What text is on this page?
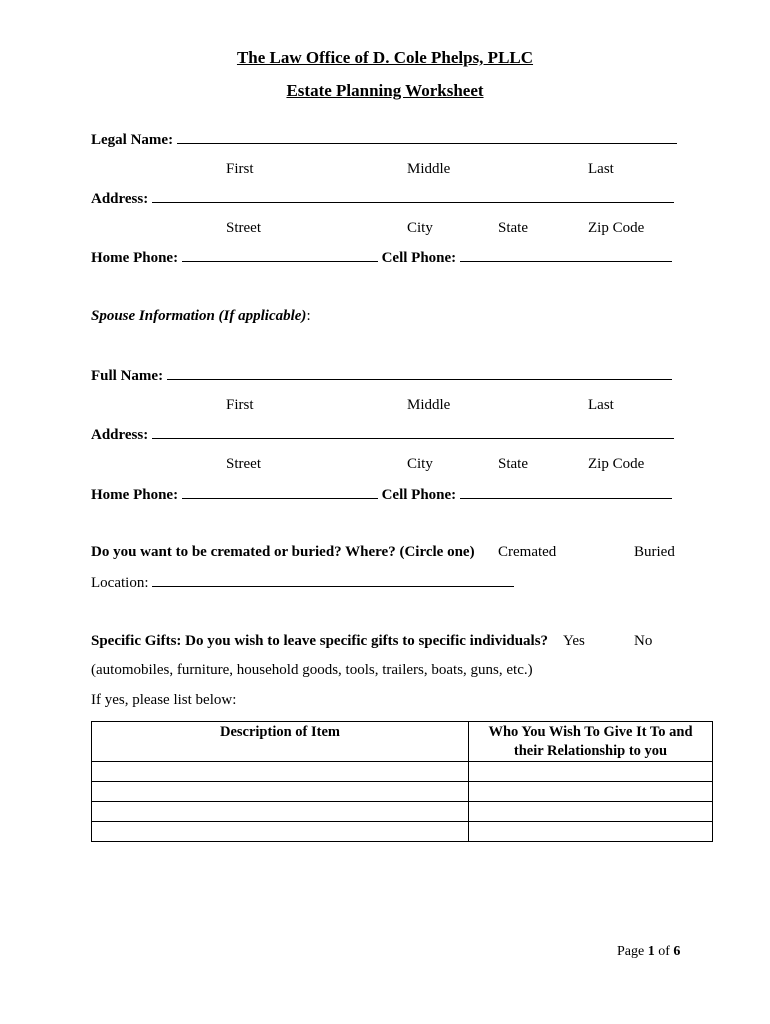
The Law Office of D. Cole Phelps, PLLC
Estate Planning Worksheet
Legal Name:
First	Middle	Last
Address:
Street	City	State	Zip Code
Home Phone:	Cell Phone:
Spouse Information (If applicable):
Full Name:
First	Middle	Last
Address:
Street	City	State	Zip Code
Home Phone:	Cell Phone:
Do you want to be cremated or buried? Where? (Circle one) Cremated	Buried
Location:
Specific Gifts: Do you wish to leave specific gifts to specific individuals? Yes	No
(automobiles, furniture, household goods, tools, trailers, boats, guns, etc.)
If yes, please list below:
Description of Item	Who You Wish To Give It To and their Relationship to you

Page 1 of 6
